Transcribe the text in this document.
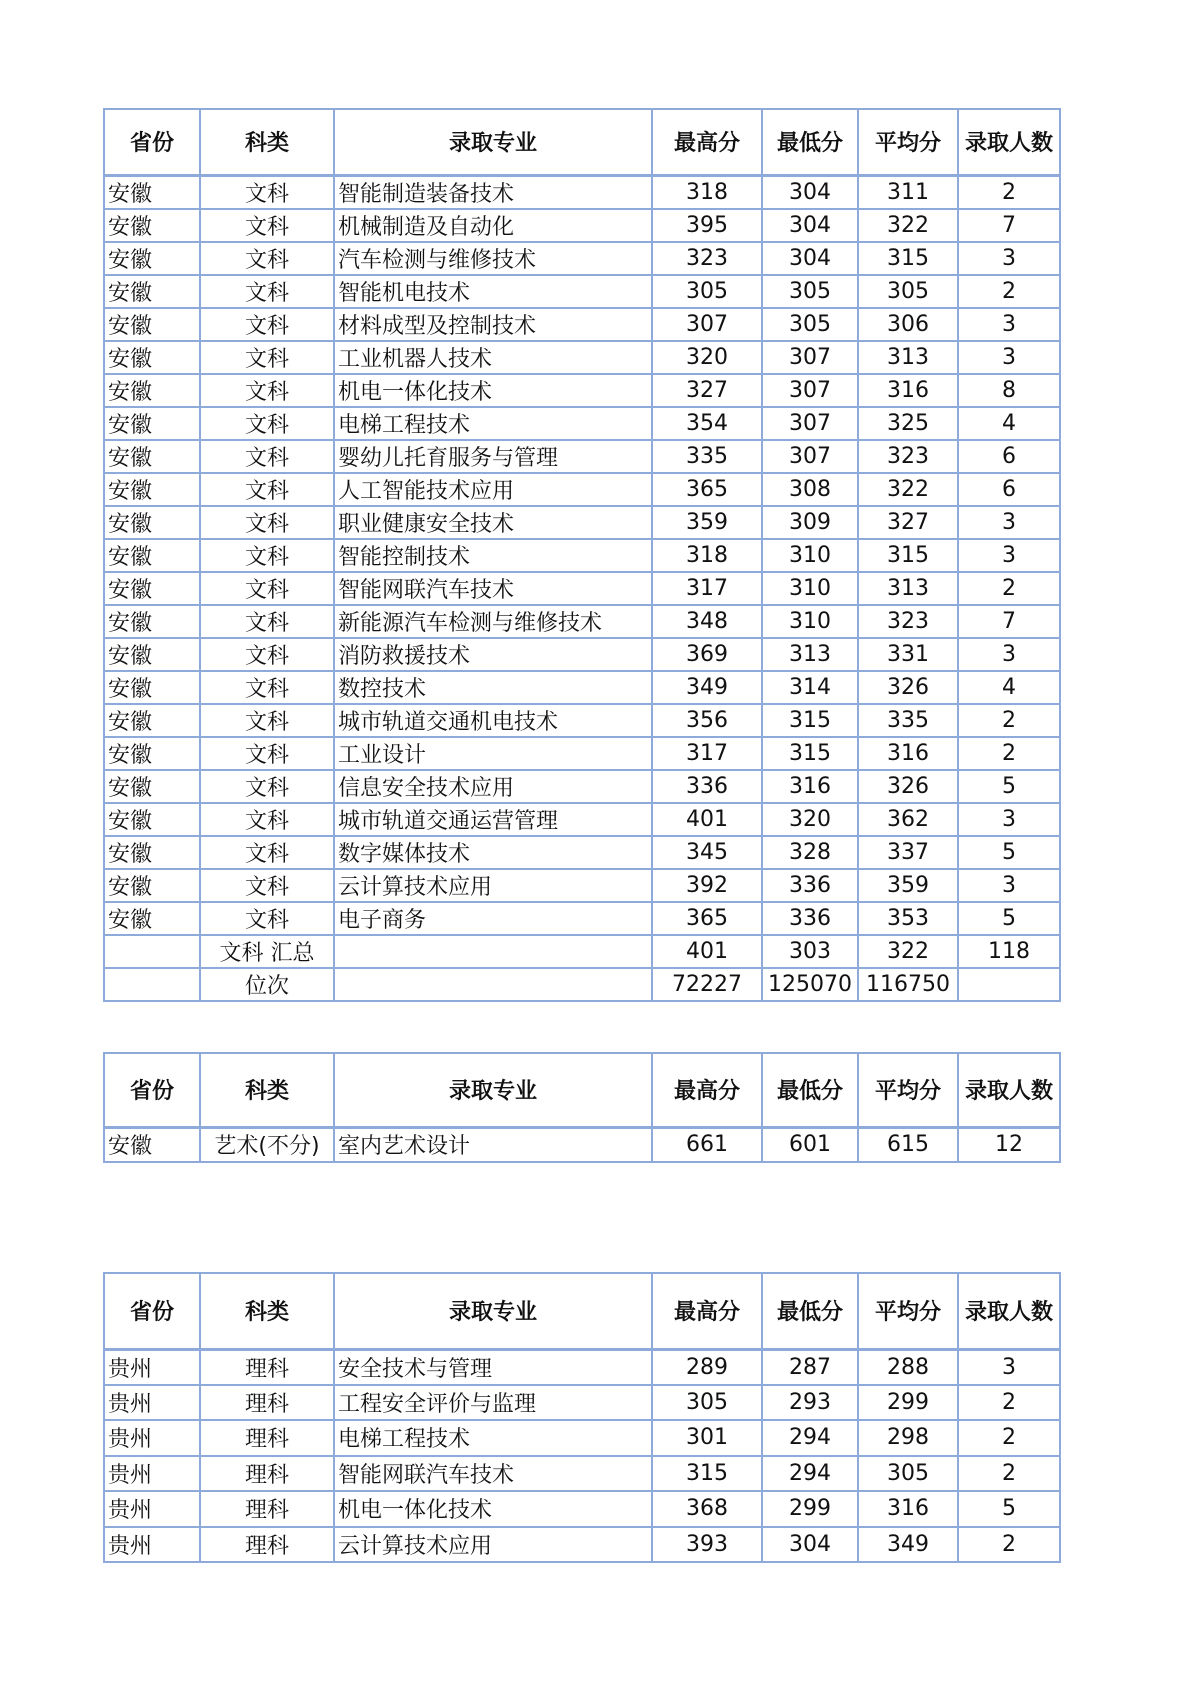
省份	科类	录取专业	最高分	最低分	平均分	录取人数
安徽	文科	智能制造装备技术	318	304	311	2
安徽	文科	机械制造及自动化	395	304	322	7
安徽	文科	汽车检测与维修技术	323	304	315	3
安徽	文科	智能机电技术	305	305	305	2
安徽	文科	材料成型及控制技术	307	305	306	3
安徽	文科	工业机器人技术	320	307	313	3
安徽	文科	机电一体化技术	327	307	316	8
安徽	文科	电梯工程技术	354	307	325	4
安徽	文科	婴幼儿托育服务与管理	335	307	323	6
安徽	文科	人工智能技术应用	365	308	322	6
安徽	文科	职业健康安全技术	359	309	327	3
安徽	文科	智能控制技术	318	310	315	3
安徽	文科	智能网联汽车技术	317	310	313	2
安徽	文科	新能源汽车检测与维修技术	348	310	323	7
安徽	文科	消防救援技术	369	313	331	3
安徽	文科	数控技术	349	314	326	4
安徽	文科	城市轨道交通机电技术	356	315	335	2
安徽	文科	工业设计	317	315	316	2
安徽	文科	信息安全技术应用	336	316	326	5
安徽	文科	城市轨道交通运营管理	401	320	362	3
安徽	文科	数字媒体技术	345	328	337	5
安徽	文科	云计算技术应用	392	336	359	3
安徽	文科	电子商务	365	336	353	5
	文科 汇总		401	303	322	118
	位次		72227	125070	116750	
省份	科类	录取专业	最高分	最低分	平均分	录取人数
安徽	艺术(不分)	室内艺术设计	661	601	615	12
省份	科类	录取专业	最高分	最低分	平均分	录取人数
贵州	理科	安全技术与管理	289	287	288	3
贵州	理科	工程安全评价与监理	305	293	299	2
贵州	理科	电梯工程技术	301	294	298	2
贵州	理科	智能网联汽车技术	315	294	305	2
贵州	理科	机电一体化技术	368	299	316	5
贵州	理科	云计算技术应用	393	304	349	2
